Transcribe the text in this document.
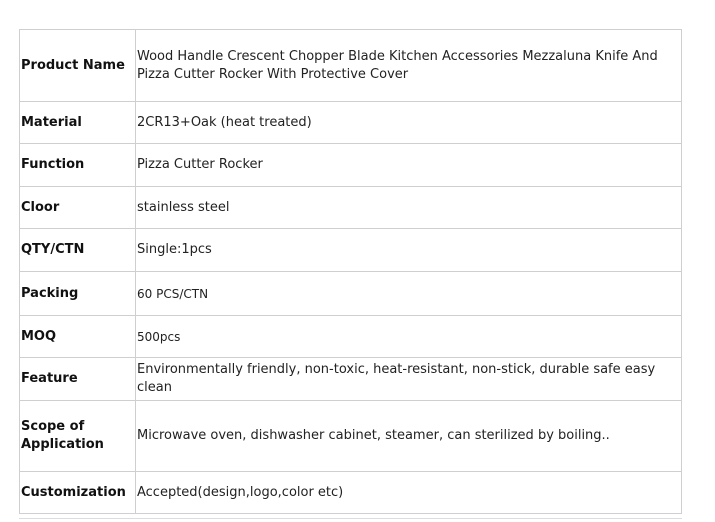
Product Name	Wood Handle Crescent Chopper Blade Kitchen Accessories Mezzaluna Knife And Pizza Cutter Rocker With Protective Cover
Material	2CR13+Oak (heat treated)
Function	Pizza Cutter Rocker
Cloor	stainless steel
QTY/CTN	Single:1pcs
Packing	60 PCS/CTN
MOQ	500pcs
Feature	Environmentally friendly, non-toxic, heat-resistant, non-stick, durable safe easy clean
Scope of Application	Microwave oven, dishwasher cabinet, steamer, can sterilized by boiling..
Customization	Accepted(design,logo,color etc)
